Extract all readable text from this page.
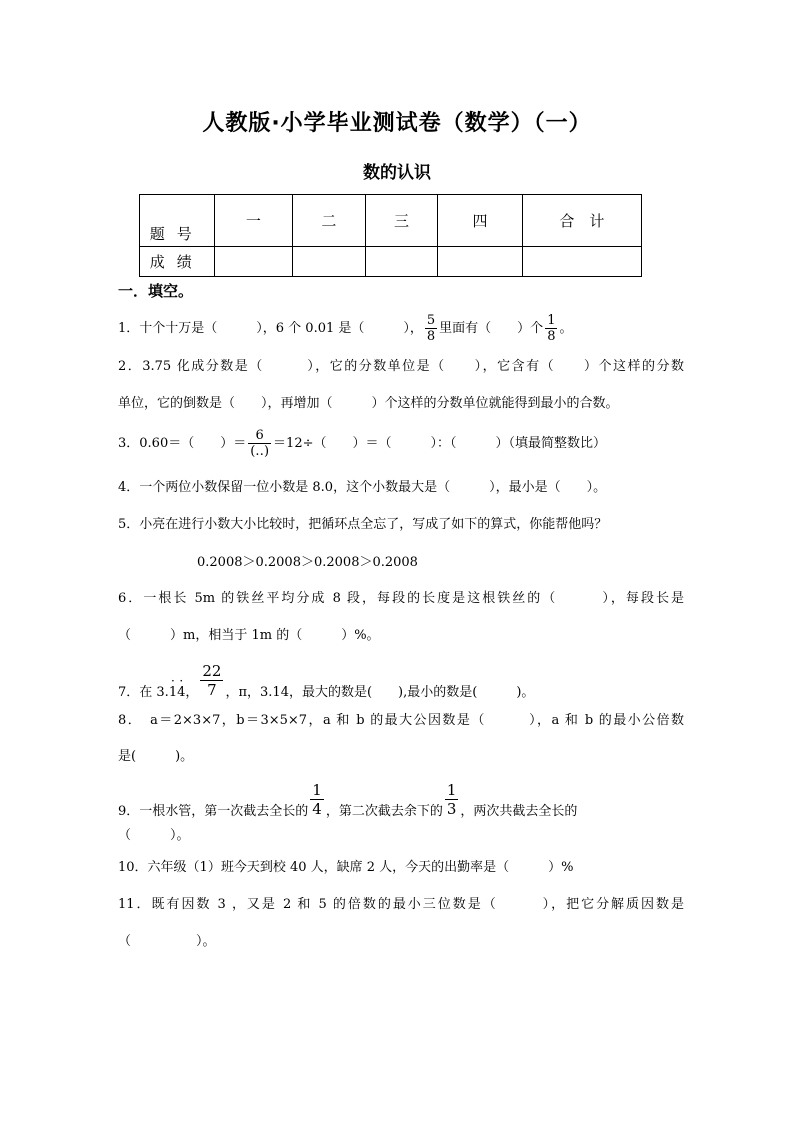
人教版·小学毕业测试卷（数学）（一）
数的认识
题号	一	二	三	四	合　计
成绩					
一．填空。
1．十个十万是（　　　），6 个 0.01 是（　　　）， $\frac{5}{8}$ 里面有（　　）个 $\frac{1}{8}$ 。
2．3.75 化成分数是（　　　），它的分数单位是（　　），它含有（　　）个这样的分数
单位，它的倒数是（　　），再增加（　　　）个这样的分数单位就能得到最小的合数。
3．0.60＝（　　）＝ $\frac{6}{(‥)} =12\div$（　　）＝（　　　）：（　　　）（填最简整数比）
4．一个两位小数保留一位小数是 8.0，这个小数最大是（　　　），最小是（　　）。
5．小亮在进行小数大小比较时，把循环点全忘了，写成了如下的算式，你能帮他吗？
0.2008＞0.2008＞0.2008＞0.2008
6．一根长 5m 的铁丝平均分成 8 段，每段的长度是这根铁丝的（　　　），每段长是
（　　　）m，相当于 1m 的（　　　）%。
7．在 3.· 1· 4， $\frac{22}{7}$ ，π，3.14，最大的数是(　　),最小的数是(　　　)。
8．　a＝2×3×7，b＝3×5×7，a 和 b 的最大公因数是（　　　），a 和 b 的最小公倍数
是(　　　)。
9．一根水管，第一次截去全长的 $\frac{1}{4}$ ，第二次截去余下的 $\frac{1}{3}$ ，两次共截去全长的
（　　　）。
10．六年级（1）班今天到校 40 人，缺席 2 人，今天的出勤率是（　　　）%
11．既有因数 3 ，又是 2 和 5 的倍数的最小三位数是（　　　），把它分解质因数是
（　　　　　）。
